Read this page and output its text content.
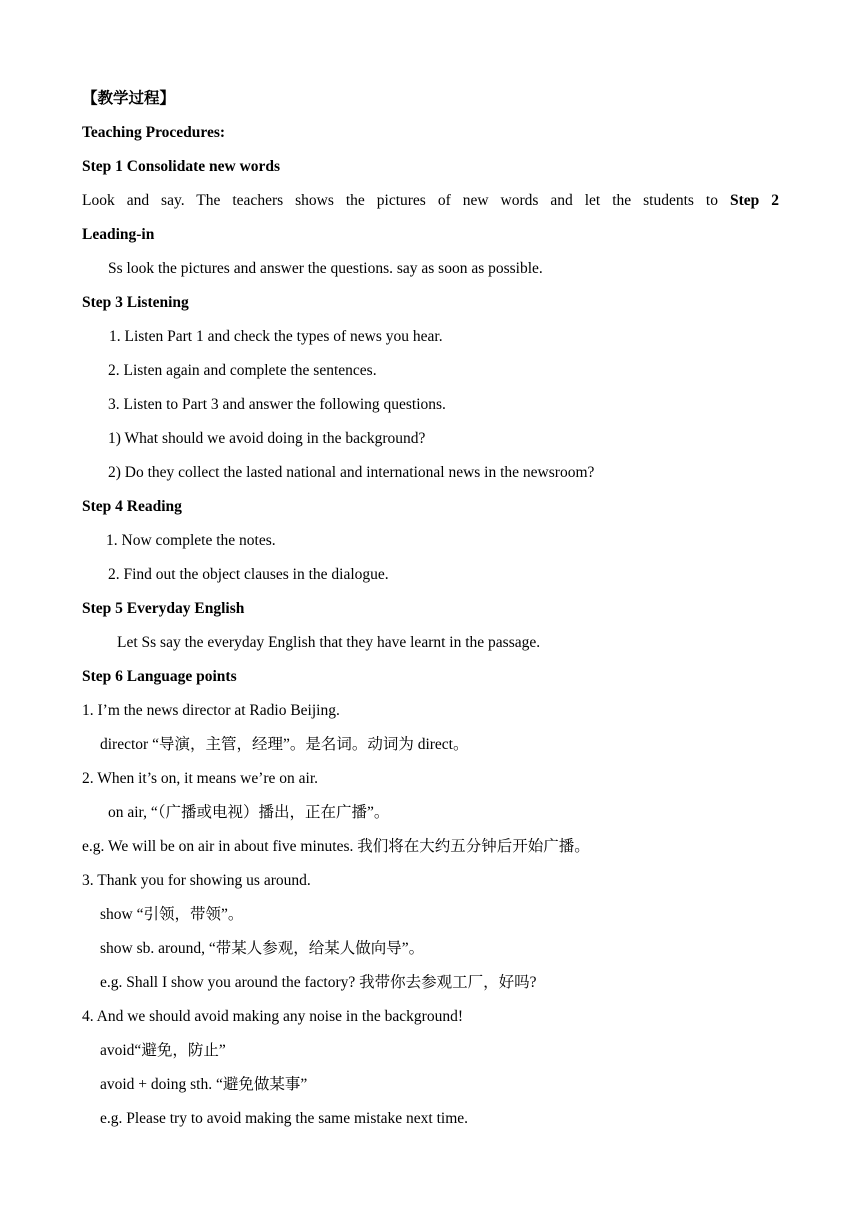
【教学过程】
Teaching Procedures:
Step 1 Consolidate new words
Look and say. The teachers shows the pictures of new words and let the students to Step 2
Leading-in
Ss look the pictures and answer the questions. say as soon as possible.
Step 3 Listening
1. Listen Part 1 and check the types of news you hear.
2. Listen again and complete the sentences.
3. Listen to Part 3 and answer the following questions.
1) What should we avoid doing in the background?
2) Do they collect the lasted national and international news in the newsroom?
Step 4 Reading
1. Now complete the notes.
2. Find out the object clauses in the dialogue.
Step 5 Everyday English
Let Ss say the everyday English that they have learnt in the passage.
Step 6 Language points
1. I’m the news director at Radio Beijing.
director “导演，主管，经理”。是名词。动词为 direct。
2. When it’s on, it means we’re on air.
on air, “（广播或电视）播出，正在广播”。
e.g. We will be on air in about five minutes. 我们将在大约五分钟后开始广播。
3. Thank you for showing us around.
show “引领，带领”。
show sb. around, “带某人参观，给某人做向导”。
e.g. Shall I show you around the factory? 我带你去参观工厂，好吗?
4. And we should avoid making any noise in the background!
avoid“避免，防止”
avoid + doing sth. “避免做某事”
e.g. Please try to avoid making the same mistake next time.
